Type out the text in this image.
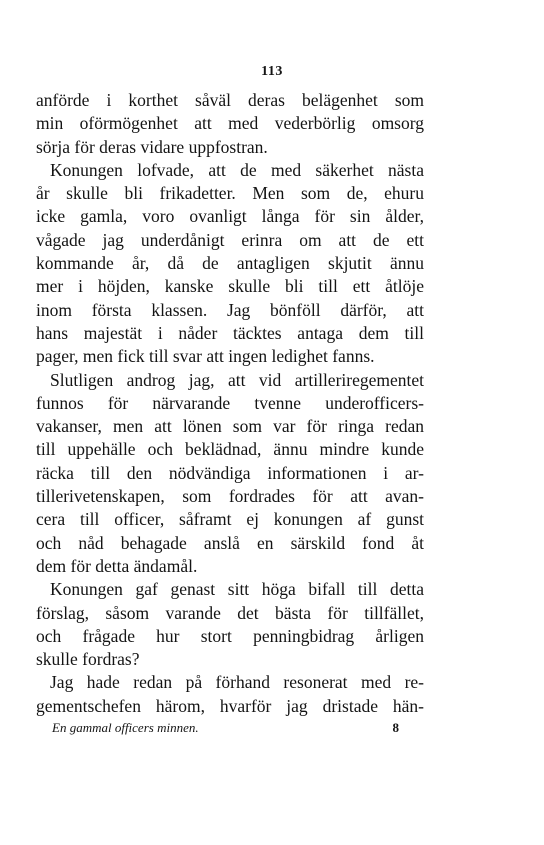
113
anförde i korthet såväl deras belägenhet som
min oförmögenhet att med vederbörlig omsorg
sörja för deras vidare uppfostran.
Konungen lofvade, att de med säkerhet nästa
år skulle bli frikadetter. Men som de, ehuru
icke gamla, voro ovanligt långa för sin ålder,
vågade jag underdånigt erinra om att de ett
kommande år, då de antagligen skjutit ännu
mer i höjden, kanske skulle bli till ett åtlöje
inom första klassen. Jag bönföll därför, att
hans majestät i nåder täcktes antaga dem till
pager, men fick till svar att ingen ledighet fanns.
Slutligen androg jag, att vid artilleriregementet
funnos för närvarande tvenne underofficers-
vakanser, men att lönen som var för ringa redan
till uppehälle och beklädnad, ännu mindre kunde
räcka till den nödvändiga informationen i ar-
tillerivetenskapen, som fordrades för att avan-
cera till officer, såframt ej konungen af gunst
och nåd behagade anslå en särskild fond åt
dem för detta ändamål.
Konungen gaf genast sitt höga bifall till detta
förslag, såsom varande det bästa för tillfället,
och frågade hur stort penningbidrag årligen
skulle fordras?
Jag hade redan på förhand resonerat med re-
gementschefen härom, hvarför jag dristade hän-
En gammal officers minnen.	8
